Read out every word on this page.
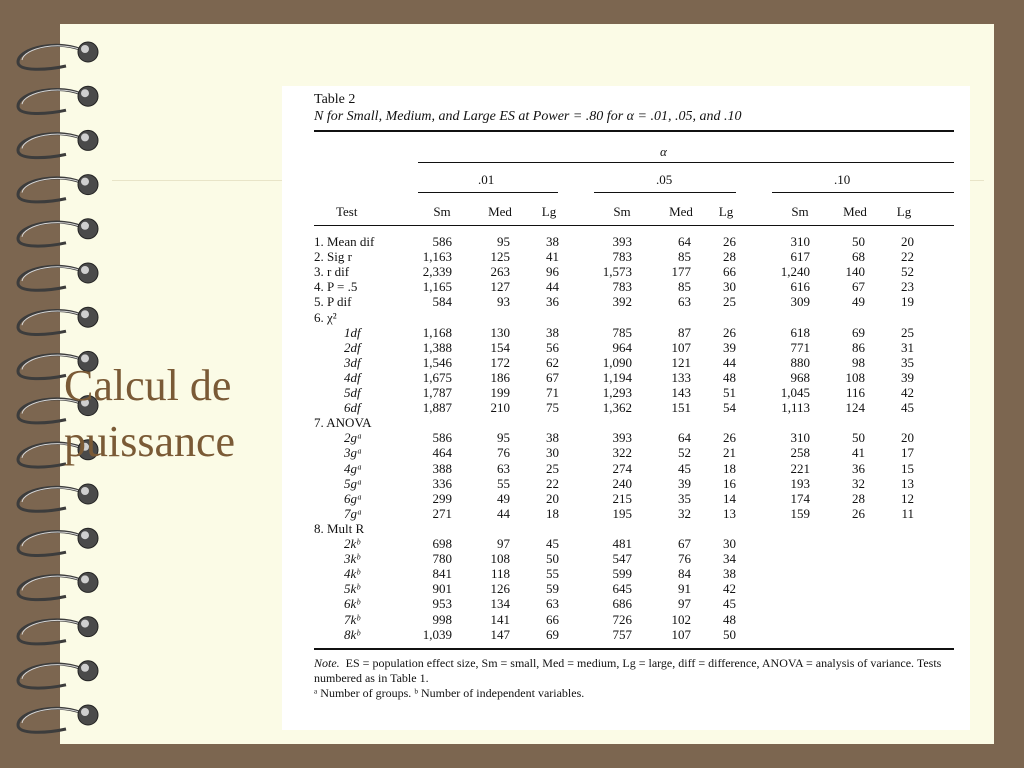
Calcul de puissance
Table 2
N for Small, Medium, and Large ES at Power = .80 for α = .01, .05, and .10
α
.01	.05	.10
Test	Sm	Med	Lg	Sm	Med	Lg	Sm	Med	Lg
1. Mean dif	586	95	38	393	64	26	310	50	20
2. Sig r	1,163	125	41	783	85	28	617	68	22
3. r dif	2,339	263	96	1,573	177	66	1,240	140	52
4. P = .5	1,165	127	44	783	85	30	616	67	23
5. P dif	584	93	36	392	63	25	309	49	19
6. χ²
1df	1,168	130	38	785	87	26	618	69	25
2df	1,388	154	56	964	107	39	771	86	31
3df	1,546	172	62	1,090	121	44	880	98	35
4df	1,675	186	67	1,194	133	48	968	108	39
5df	1,787	199	71	1,293	143	51	1,045	116	42
6df	1,887	210	75	1,362	151	54	1,113	124	45
7. ANOVA
2gᵃ	586	95	38	393	64	26	310	50	20
3gᵃ	464	76	30	322	52	21	258	41	17
4gᵃ	388	63	25	274	45	18	221	36	15
5gᵃ	336	55	22	240	39	16	193	32	13
6gᵃ	299	49	20	215	35	14	174	28	12
7gᵃ	271	44	18	195	32	13	159	26	11
8. Mult R
2kᵇ	698	97	45	481	67	30
3kᵇ	780	108	50	547	76	34
4kᵇ	841	118	55	599	84	38
5kᵇ	901	126	59	645	91	42
6kᵇ	953	134	63	686	97	45
7kᵇ	998	141	66	726	102	48
8kᵇ	1,039	147	69	757	107	50
Note. ES = population effect size, Sm = small, Med = medium, Lg = large, diff = difference, ANOVA = analysis of variance. Tests numbered as in Table 1.
ᵃ Number of groups. ᵇ Number of independent variables.
